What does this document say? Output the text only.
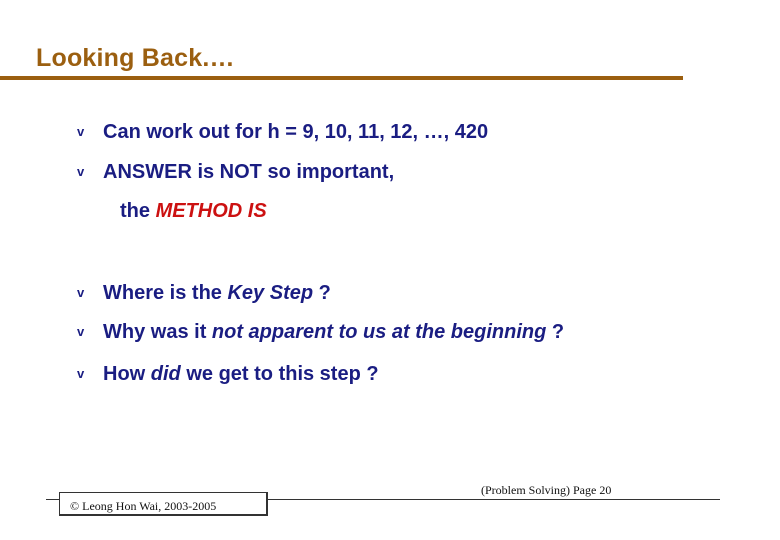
Looking Back.…
v Can work out for h = 9, 10, 11, 12, …, 420
v ANSWER is NOT so important,
the METHOD IS
v Where is the Key Step ?
v Why was it not apparent to us at the beginning ?
v How did we get to this step ?
(Problem Solving) Page 20
© Leong Hon Wai, 2003-2005
